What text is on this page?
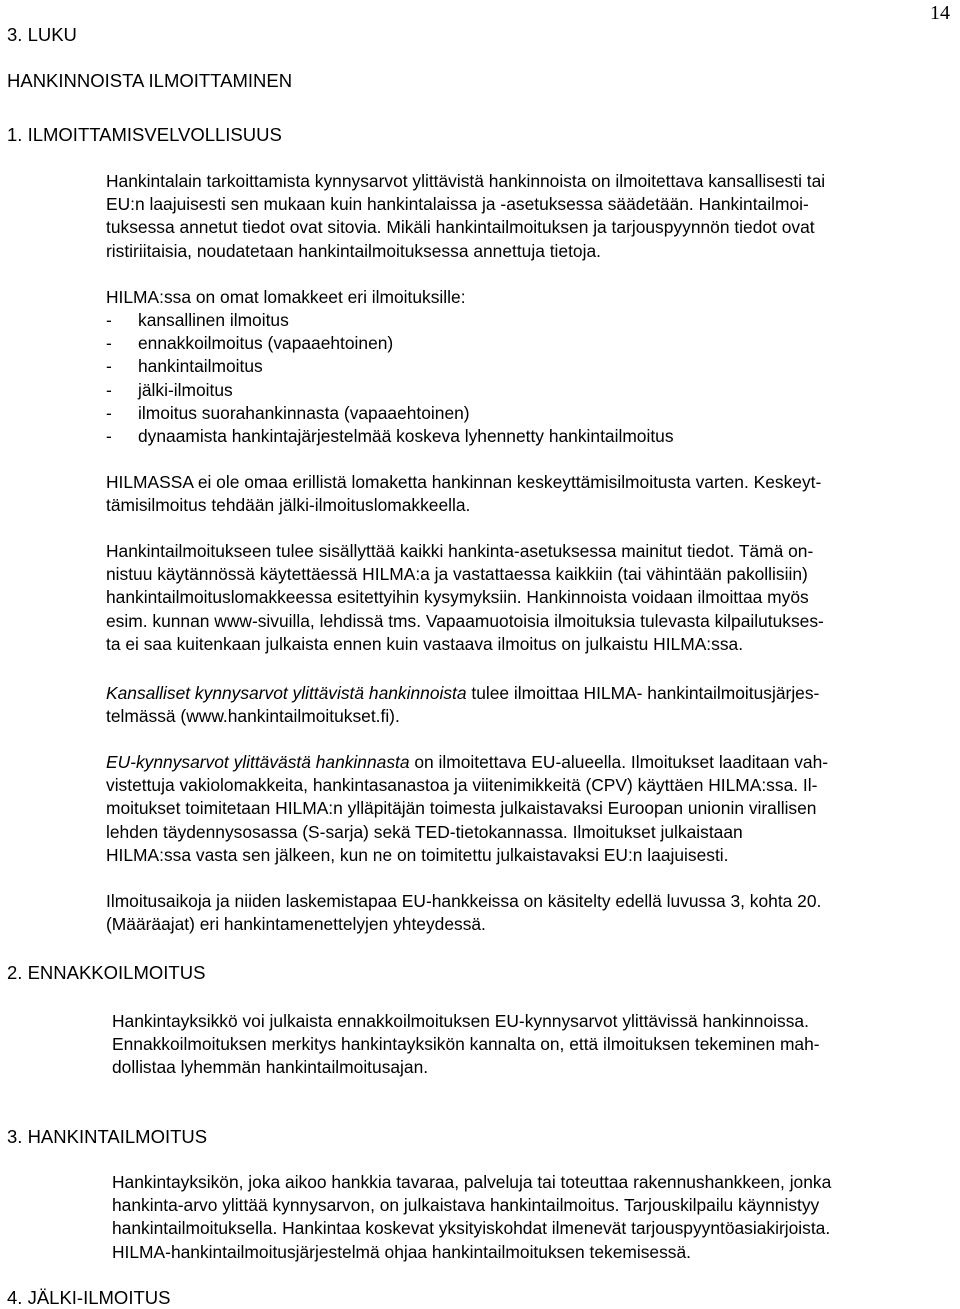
14
3. LUKU
HANKINNOISTA ILMOITTAMINEN
1. ILMOITTAMISVELVOLLISUUS

Hankintalain tarkoittamista kynnysarvot ylittävistä hankinnoista on ilmoitettava kansallisesti tai
EU:n laajuisesti sen mukaan kuin hankintalaissa ja -asetuksessa säädetään. Hankintailmoi-
tuksessa annetut tiedot ovat sitovia. Mikäli hankintailmoituksen ja tarjouspyynnön tiedot ovat
ristiriitaisia, noudatetaan hankintailmoituksessa annettuja tietoja.

HILMA:ssa on omat lomakkeet eri ilmoituksille:

- kansallinen ilmoitus
- ennakkoilmoitus (vapaaehtoinen)
- hankintailmoitus
- jälki-ilmoitus
- ilmoitus suorahankinnasta (vapaaehtoinen)
- dynaamista hankintajärjestelmää koskeva lyhennetty hankintailmoitus

HILMASSA ei ole omaa erillistä lomaketta hankinnan keskeyttämisilmoitusta varten. Keskeyt-
tämisilmoitus tehdään jälki-ilmoituslomakkeella.

Hankintailmoitukseen tulee sisällyttää kaikki hankinta-asetuksessa mainitut tiedot. Tämä on-
nistuu käytännössä käytettäessä HILMA:a ja vastattaessa kaikkiin (tai vähintään pakollisiin)
hankintailmoituslomakkeessa esitettyihin kysymyksiin. Hankinnoista voidaan ilmoittaa myös
esim. kunnan www-sivuilla, lehdissä tms. Vapaamuotoisia ilmoituksia tulevasta kilpailutukses-
ta ei saa kuitenkaan julkaista ennen kuin vastaava ilmoitus on julkaistu HILMA:ssa.

Kansalliset kynnysarvot ylittävistä hankinnoista tulee ilmoittaa HILMA- hankintailmoitusjärjes-
telmässä (www.hankintailmoitukset.fi).

EU-kynnysarvot ylittävästä hankinnasta on ilmoitettava EU-alueella. Ilmoitukset laaditaan vah-
vistettuja vakiolomakkeita, hankintasanastoa ja viitenimikkeitä (CPV) käyttäen HILMA:ssa. Il-
moitukset toimitetaan HILMA:n ylläpitäjän toimesta julkaistavaksi Euroopan unionin virallisen
lehden täydennysosassa (S-sarja) sekä TED-tietokannassa. Ilmoitukset julkaistaan
HILMA:ssa vasta sen jälkeen, kun ne on toimitettu julkaistavaksi EU:n laajuisesti.

Ilmoitusaikoja ja niiden laskemistapaa EU-hankkeissa on käsitelty edellä luvussa 3, kohta 20.
(Määräajat) eri hankintamenettelyjen yhteydessä.

2. ENNAKKOILMOITUS

Hankintayksikkö voi julkaista ennakkoilmoituksen EU-kynnysarvot ylittävissä hankinnoissa.
Ennakkoilmoituksen merkitys hankintayksikön kannalta on, että ilmoituksen tekeminen mah-
dollistaa lyhemmän hankintailmoitusajan.

3. HANKINTAILMOITUS

Hankintayksikön, joka aikoo hankkia tavaraa, palveluja tai toteuttaa rakennushankkeen, jonka
hankinta-arvo ylittää kynnysarvon, on julkaistava hankintailmoitus. Tarjouskilpailu käynnistyy
hankintailmoituksella. Hankintaa koskevat yksityiskohdat ilmenevät tarjouspyyntöasiakirjoista.
HILMA-hankintailmoitusjärjestelmä ohjaa hankintailmoituksen tekemisessä.

4. JÄLKI-ILMOITUS
